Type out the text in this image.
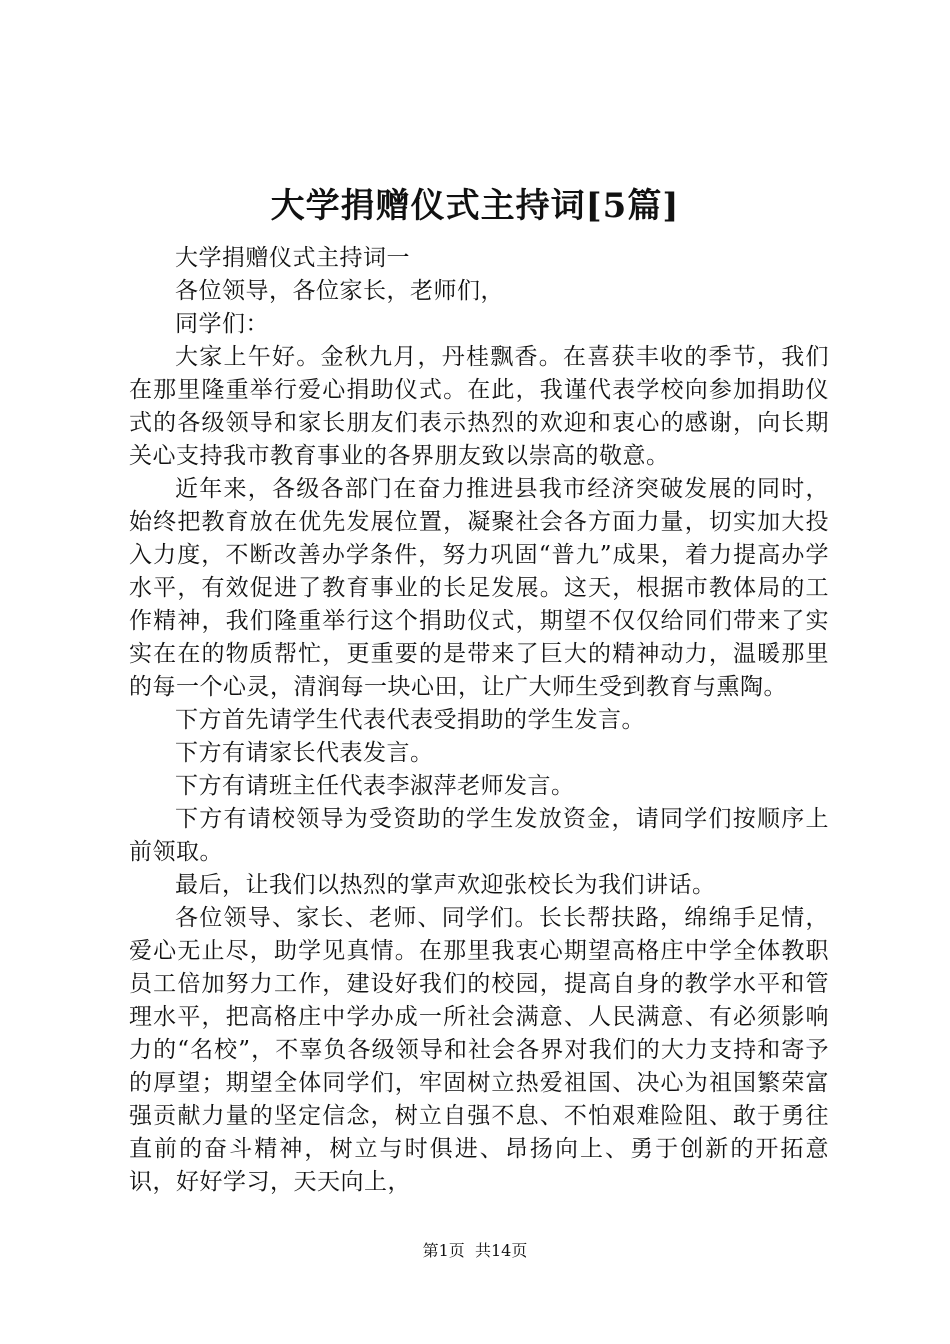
大学捐赠仪式主持词[5篇]

大学捐赠仪式主持词一

各位领导，各位家长，老师们，

同学们：

大家上午好。金秋九月，丹桂飘香。在喜获丰收的季节，我们在那里隆重举行爱心捐助仪式。在此，我谨代表学校向参加捐助仪式的各级领导和家长朋友们表示热烈的欢迎和衷心的感谢，向长期关心支持我市教育事业的各界朋友致以崇高的敬意。

近年来，各级各部门在奋力推进县我市经济突破发展的同时，始终把教育放在优先发展位置，凝聚社会各方面力量，切实加大投入力度，不断改善办学条件，努力巩固“普九”成果，着力提高办学水平，有效促进了教育事业的长足发展。这天，根据市教体局的工作精神，我们隆重举行这个捐助仪式，期望不仅仅给同们带来了实实在在的物质帮忙，更重要的是带来了巨大的精神动力，温暖那里的每一个心灵，清润每一块心田，让广大师生受到教育与熏陶。

下方首先请学生代表代表受捐助的学生发言。

下方有请家长代表发言。

下方有请班主任代表李淑萍老师发言。

下方有请校领导为受资助的学生发放资金，请同学们按顺序上前领取。

最后，让我们以热烈的掌声欢迎张校长为我们讲话。

各位领导、家长、老师、同学们。长长帮扶路，绵绵手足情，爱心无止尽，助学见真情。在那里我衷心期望高格庄中学全体教职员工倍加努力工作，建设好我们的校园，提高自身的教学水平和管理水平，把高格庄中学办成一所社会满意、人民满意、有必须影响力的“名校”，不辜负各级领导和社会各界对我们的大力支持和寄予的厚望；期望全体同学们，牢固树立热爱祖国、决心为祖国繁荣富强贡献力量的坚定信念，树立自强不息、不怕艰难险阻、敢于勇往直前的奋斗精神，树立与时俱进、昂扬向上、勇于创新的开拓意识，好好学习，天天向上，

第1页 共14页
